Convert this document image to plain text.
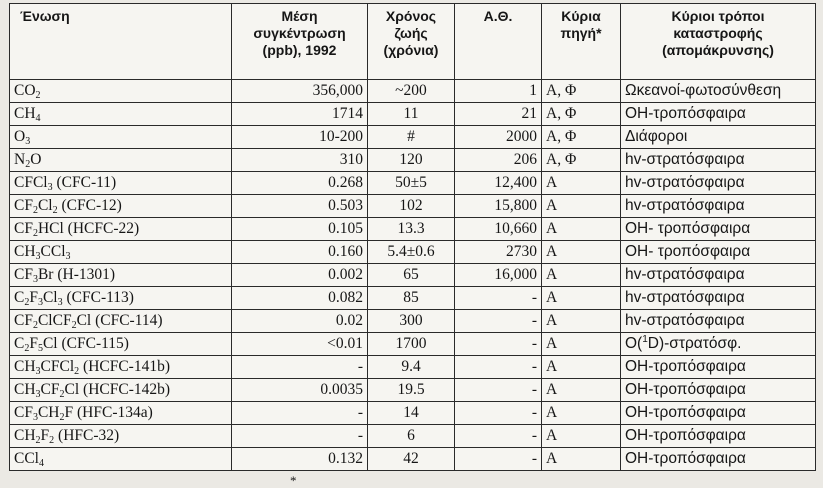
Ένωση	Μέση συγκέντρωση (ppb), 1992	Χρόνος ζωής (χρόνια)	Α.Θ.	Κύρια πηγή*	Κύριοι τρόποι καταστροφής (απομάκρυνσης)
$CO_2$	356,000	~200	1	Α, Φ	Ωκεανοί-φωτοσύνθεση
$CH_4$	1714	11	21	Α, Φ	ΟΗ-τροπόσφαιρα
$O_3$	10-200	#	2000	Α, Φ	Διάφοροι
$N_2O$	310	120	206	Α, Φ	hv-στρατόσφαιρα
CFCl$_3$ (CFC-11)	0.268	50±5	12,400	Α	hv-στρατόσφαιρα
$CF_2Cl_2$ (CFC-12)	0.503	102	15,800	Α	hv-στρατόσφαιρα
$CF_2HCl$ (HCFC-22)	0.105	13.3	10,660	Α	ΟΗ- τροπόσφαιρα
$CH_3CCl_3$	0.160	5.4±0.6	2730	Α	ΟΗ- τροπόσφαιρα
$CF_3Br$ (H-1301)	0.002	65	16,000	Α	hv-στρατόσφαιρα
$C_2F_3Cl_3$ (CFC-113)	0.082	85	-	Α	hv-στρατόσφαιρα
$CF_2ClCF_2Cl$ (CFC-114)	0.02	300	-	Α	hv-στρατόσφαιρα
$C_2F_5Cl$ (CFC-115)	<0.01	1700	-	Α	O($^1$D)-στρατόσφ.
$CH_3CFCl_2$ (HCFC-141b)	-	9.4	-	Α	ΟΗ-τροπόσφαιρα
$CH_3CF_2Cl$ (HCFC-142b)	0.0035	19.5	-	Α	ΟΗ-τροπόσφαιρα
$CF_3CH_2F$ (HFC-134a)	-	14	-	Α	ΟΗ-τροπόσφαιρα
$CH_2F_2$ (HFC-32)	-	6	-	Α	ΟΗ-τροπόσφαιρα
CCl$_4$	0.132	42	-	Α	ΟΗ-τροπόσφαιρα
*
